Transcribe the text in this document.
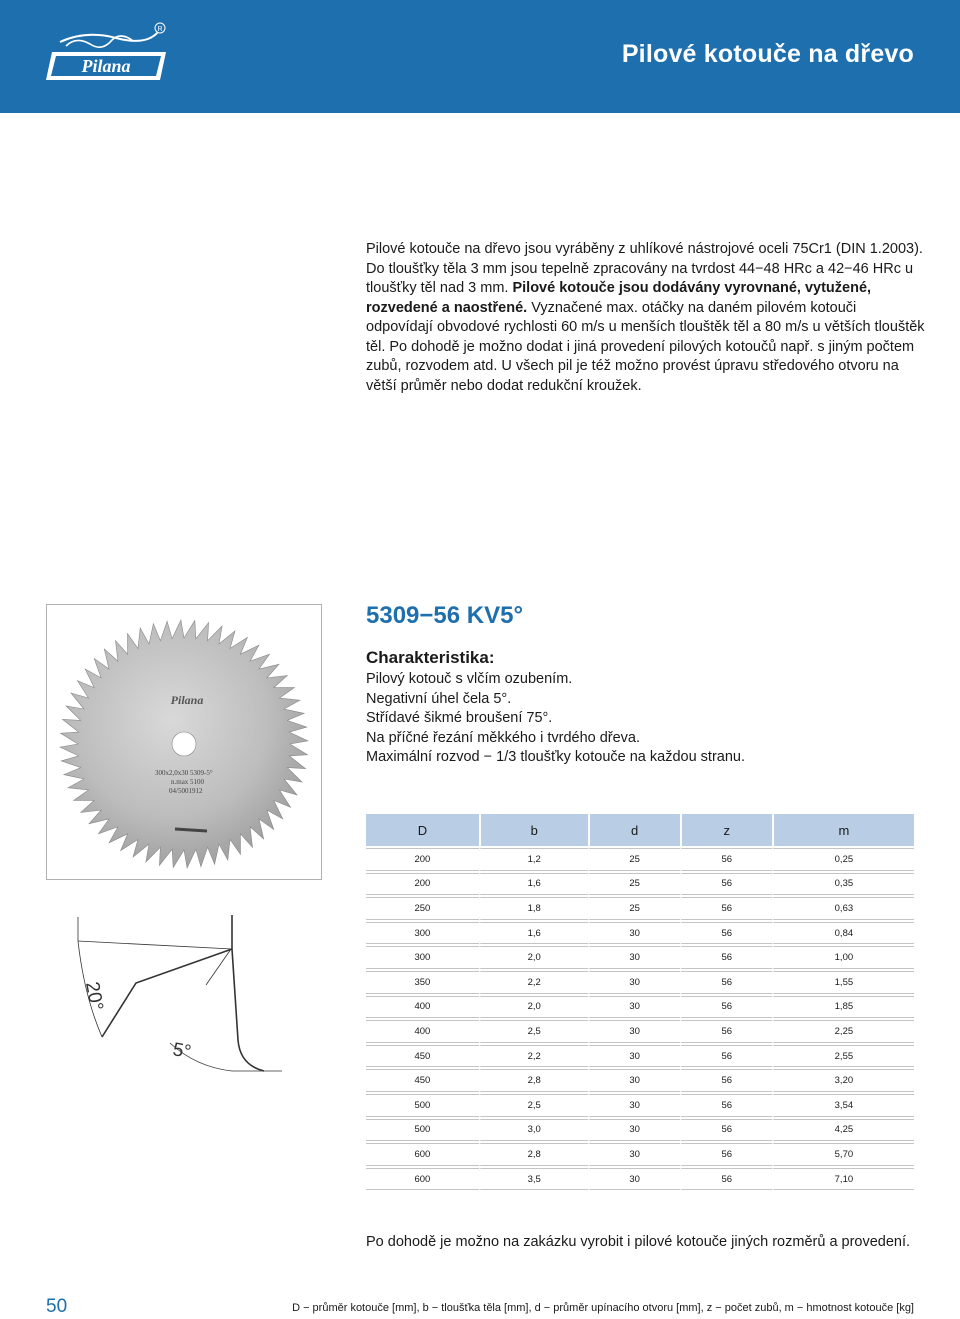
Pilana
R
Pilové kotouče na dřevo

Pilové kotouče na dřevo jsou vyráběny z uhlíkové nástrojové oceli 75Cr1 (DIN 1.2003). Do tloušťky těla 3 mm jsou tepelně zpracovány na tvrdost 44−48 HRc a 42−46 HRc u tloušťky těl nad 3 mm. Pilové kotouče jsou dodávány vyrovnané, vytužené, rozvedené a naostřené. Vyznačené max. otáčky na daném pilovém kotouči odpovídají obvodové rychlosti 60 m/s u menších tlouštěk těl a 80 m/s u větších tlouštěk těl. Po dohodě je možno dodat i jiná provedení pilových kotoučů např. s jiným počtem zubů, rozvodem atd. U všech pil je též možno provést úpravu středového otvoru na větší průměr nebo dodat redukční kroužek.

Pilana
300x2,0x30 5309-5°
n.max 5100
04/5001912
5309−56 KV5°
Charakteristika:
Pilový kotouč s vlčím ozubením.
Negativní úhel čela 5°.
Střídavé šikmé broušení 75°.
Na příčné řezání měkkého i tvrdého dřeva.
Maximální rozvod − 1/3 tloušťky kotouče na každou stranu.
20°
5°
D	b	d	z	m
200	1,2	25	56	0,25
200	1,6	25	56	0,35
250	1,8	25	56	0,63
300	1,6	30	56	0,84
300	2,0	30	56	1,00
350	2,2	30	56	1,55
400	2,0	30	56	1,85
400	2,5	30	56	2,25
450	2,2	30	56	2,55
450	2,8	30	56	3,20
500	2,5	30	56	3,54
500	3,0	30	56	4,25
600	2,8	30	56	5,70
600	3,5	30	56	7,10
Po dohodě je možno na zakázku vyrobit i pilové kotouče jiných rozměrů a provedení.
50	D − průměr kotouče [mm], b − tloušťka těla [mm], d − průměr upínacího otvoru [mm], z − počet zubů, m − hmotnost kotouče [kg]
